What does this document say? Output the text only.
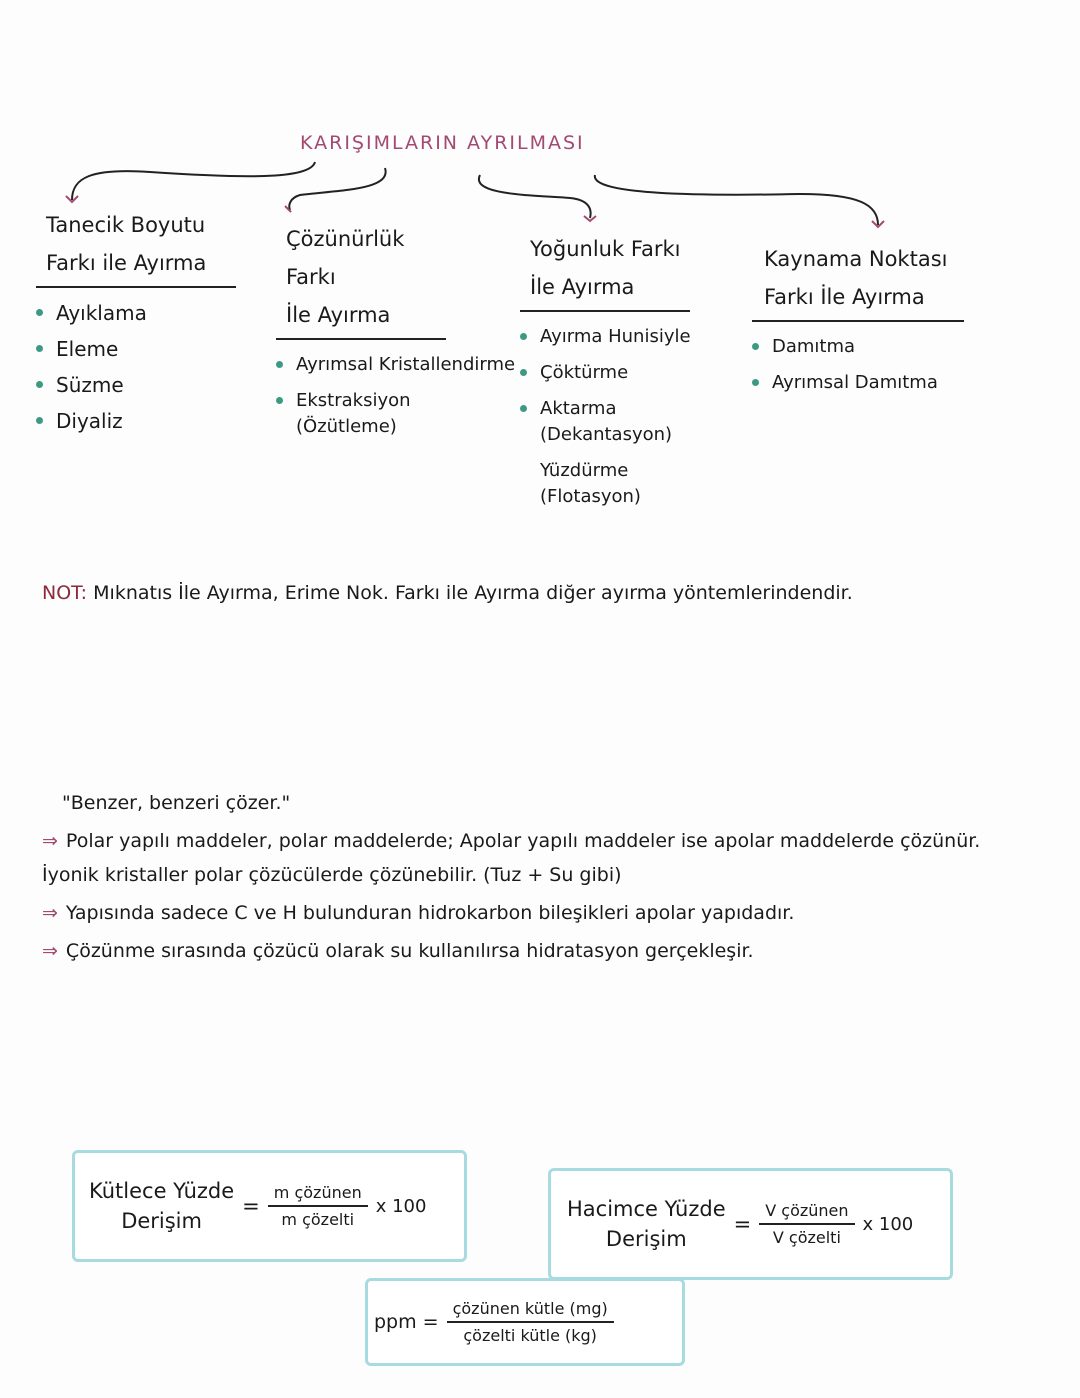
KARIŞIMLARIN AYRILMASI
Tanecik Boyutu
Farkı ile Ayırma
Ayıklama
Eleme
Süzme
Diyaliz
Çözünürlük Farkı
İle Ayırma
Ayrımsal Kristallendirme
Ekstraksiyon (Özütleme)
Yoğunluk Farkı
İle Ayırma
Ayırma Hunisiyle
Çöktürme
Aktarma
(Dekantasyon)
Yüzdürme
(Flotasyon)
Kaynama Noktası
Farkı İle Ayırma
Damıtma
Ayrımsal Damıtma
NOT: Mıknatıs İle Ayırma, Erime Nok. Farkı ile Ayırma diğer ayırma yöntemlerindendir.

"Benzer, benzeri çözer."

⇒ Polar yapılı maddeler, polar maddelerde; Apolar yapılı maddeler ise apolar maddelerde çözünür. İyonik kristaller polar çözücülerde çözünebilir. (Tuz + Su gibi)

⇒ Yapısında sadece C ve H bulunduran hidrokarbon bileşikleri apolar yapıdadır.

⇒ Çözünme sırasında çözücü olarak su kullanılırsa hidratasyon gerçekleşir.

Kütlece Yüzde
Derişim
= $\frac{\text{m çözünen}}{\text{m çözelti}}$ x 100	Hacimce Yüzde
Derişim
= $\frac{\text{V çözünen}}{\text{V çözelti}}$ x 100
ppm = $\frac{\text{çözünen kütle (mg)}}{\text{çözelti kütle (kg)}}$
